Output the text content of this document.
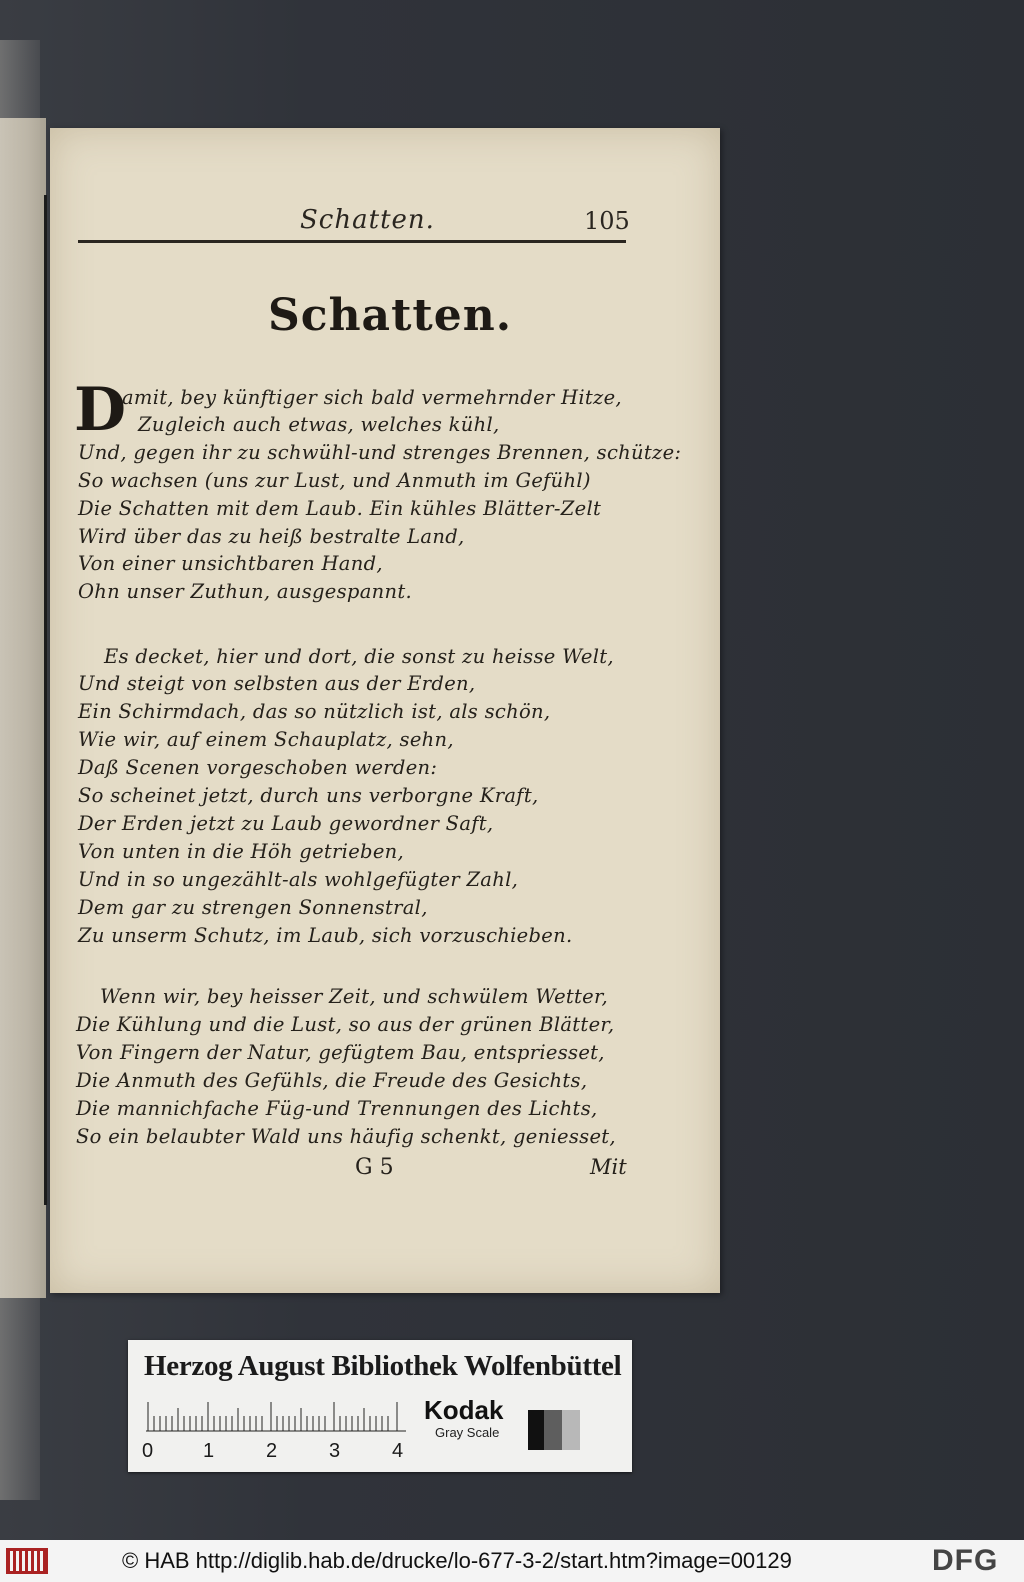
Schatten.	105
Schatten.
D
amit, bey künftiger sich bald vermehrnder Hitze,
Zugleich auch etwas, welches kühl,
Und, gegen ihr zu schwühl-und strenges Brennen, schütze:
So wachsen (uns zur Lust, und Anmuth im Gefühl)
Die Schatten mit dem Laub. Ein kühles Blätter-Zelt
Wird über das zu heiß bestralte Land,
Von einer unsichtbaren Hand,
Ohn unser Zuthun, ausgespannt.
Es decket, hier und dort, die sonst zu heisse Welt,
Und steigt von selbsten aus der Erden,
Ein Schirmdach, das so nützlich ist, als schön,
Wie wir, auf einem Schauplatz, sehn,
Daß Scenen vorgeschoben werden:
So scheinet jetzt, durch uns verborgne Kraft,
Der Erden jetzt zu Laub gewordner Saft,
Von unten in die Höh getrieben,
Und in so ungezählt-als wohlgefügter Zahl,
Dem gar zu strengen Sonnenstral,
Zu unserm Schutz, im Laub, sich vorzuschieben.
Wenn wir, bey heisser Zeit, und schwülem Wetter,
Die Kühlung und die Lust, so aus der grünen Blätter,
Von Fingern der Natur, gefügtem Bau, entspriesset,
Die Anmuth des Gefühls, die Freude des Gesichts,
Die mannichfache Füg-und Trennungen des Lichts,
So ein belaubter Wald uns häufig schenkt, geniesset,
G 5	Mit
Herzog August Bibliothek Wolfenbüttel
0 1	2	3	4
Kodak
Gray Scale
© HAB http://diglib.hab.de/drucke/lo-677-3-2/start.htm?image=00129	DFG
